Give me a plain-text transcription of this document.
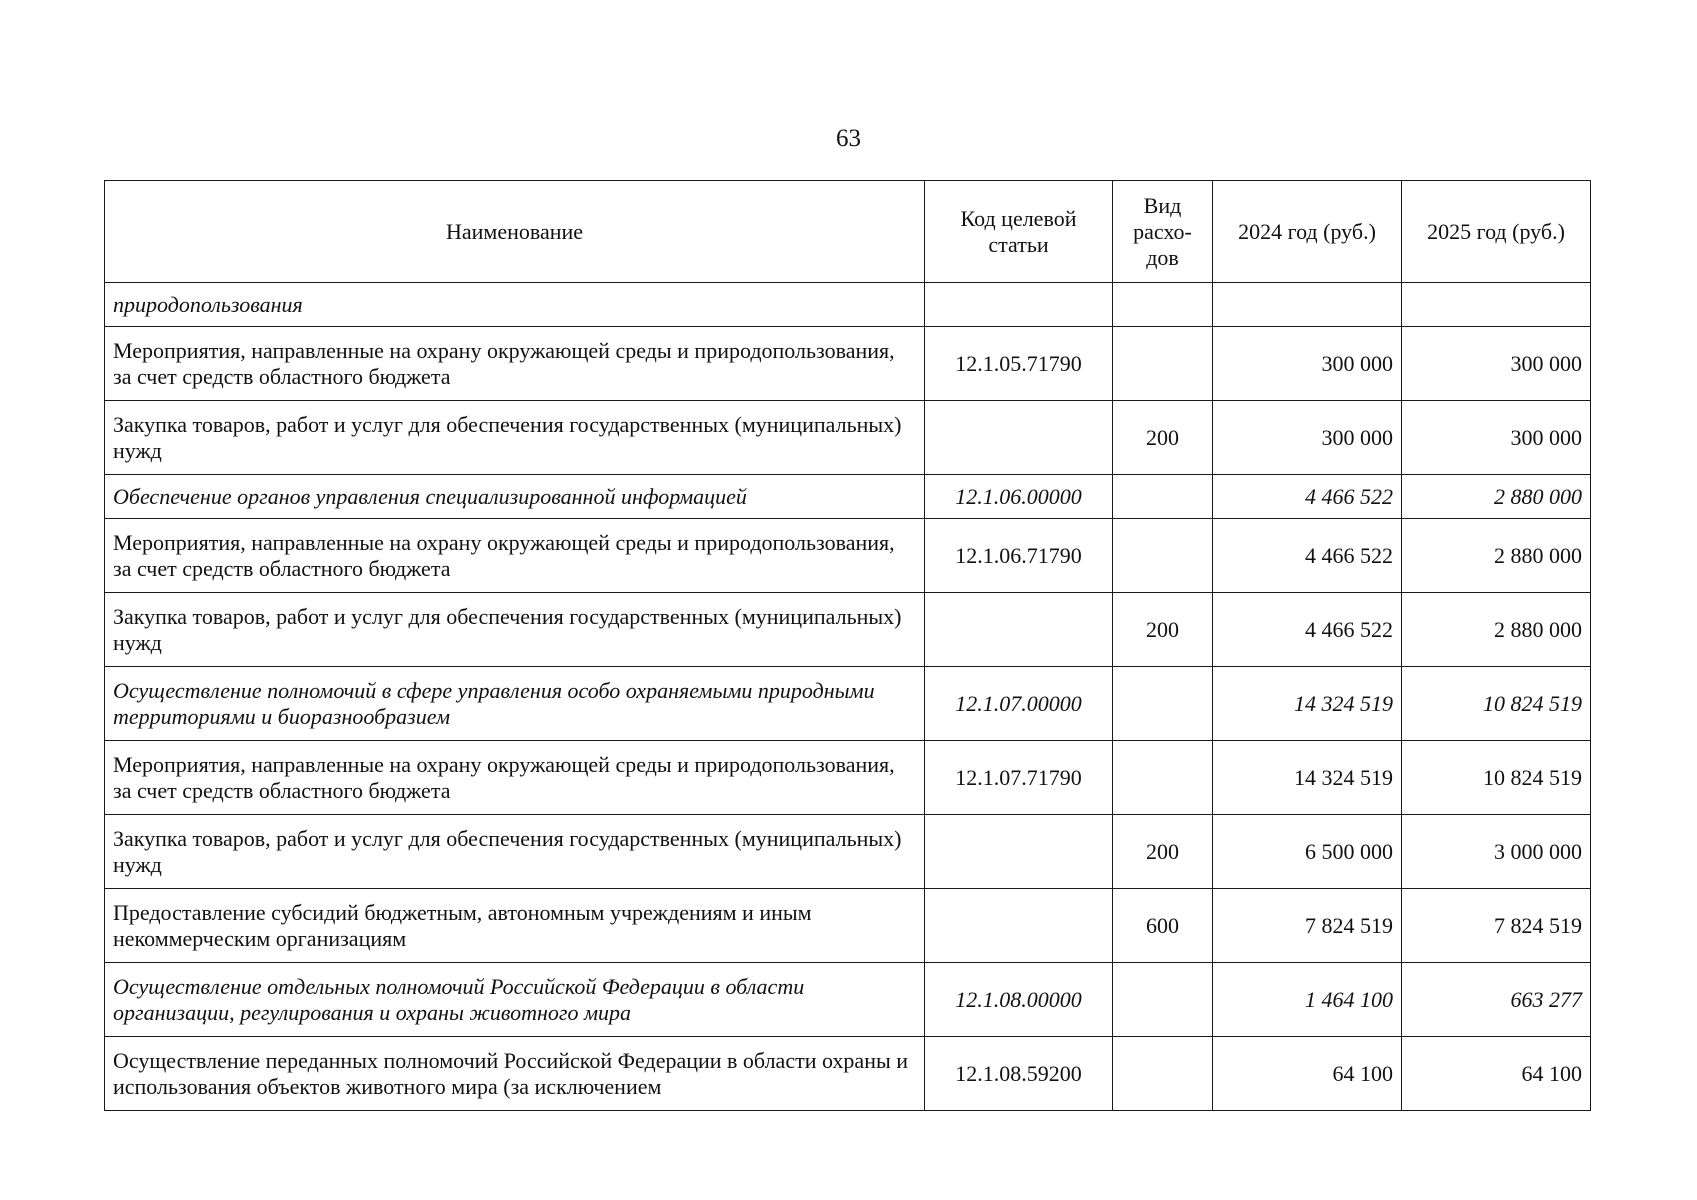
63
Наименование	Код целевой статьи	Вид расхо-дов	2024 год (руб.)	2025 год (руб.)
природопользования				
Мероприятия, направленные на охрану окружающей среды и природопользования, за счет средств областного бюджета	12.1.05.71790		300 000	300 000
Закупка товаров, работ и услуг для обеспечения государственных (муниципальных) нужд		200	300 000	300 000
Обеспечение органов управления специализированной информацией	12.1.06.00000		4 466 522	2 880 000
Мероприятия, направленные на охрану окружающей среды и природопользования, за счет средств областного бюджета	12.1.06.71790		4 466 522	2 880 000
Закупка товаров, работ и услуг для обеспечения государственных (муниципальных) нужд		200	4 466 522	2 880 000
Осуществление полномочий в сфере управления особо охраняемыми природными территориями и биоразнообразием	12.1.07.00000		14 324 519	10 824 519
Мероприятия, направленные на охрану окружающей среды и природопользования, за счет средств областного бюджета	12.1.07.71790		14 324 519	10 824 519
Закупка товаров, работ и услуг для обеспечения государственных (муниципальных) нужд		200	6 500 000	3 000 000
Предоставление субсидий бюджетным, автономным учреждениям и иным некоммерческим организациям		600	7 824 519	7 824 519
Осуществление отдельных полномочий Российской Федерации в области организации, регулирования и охраны животного мира	12.1.08.00000		1 464 100	663 277
Осуществление переданных полномочий Российской Федерации в области охраны и использования объектов животного мира (за исключением	12.1.08.59200		64 100	64 100
